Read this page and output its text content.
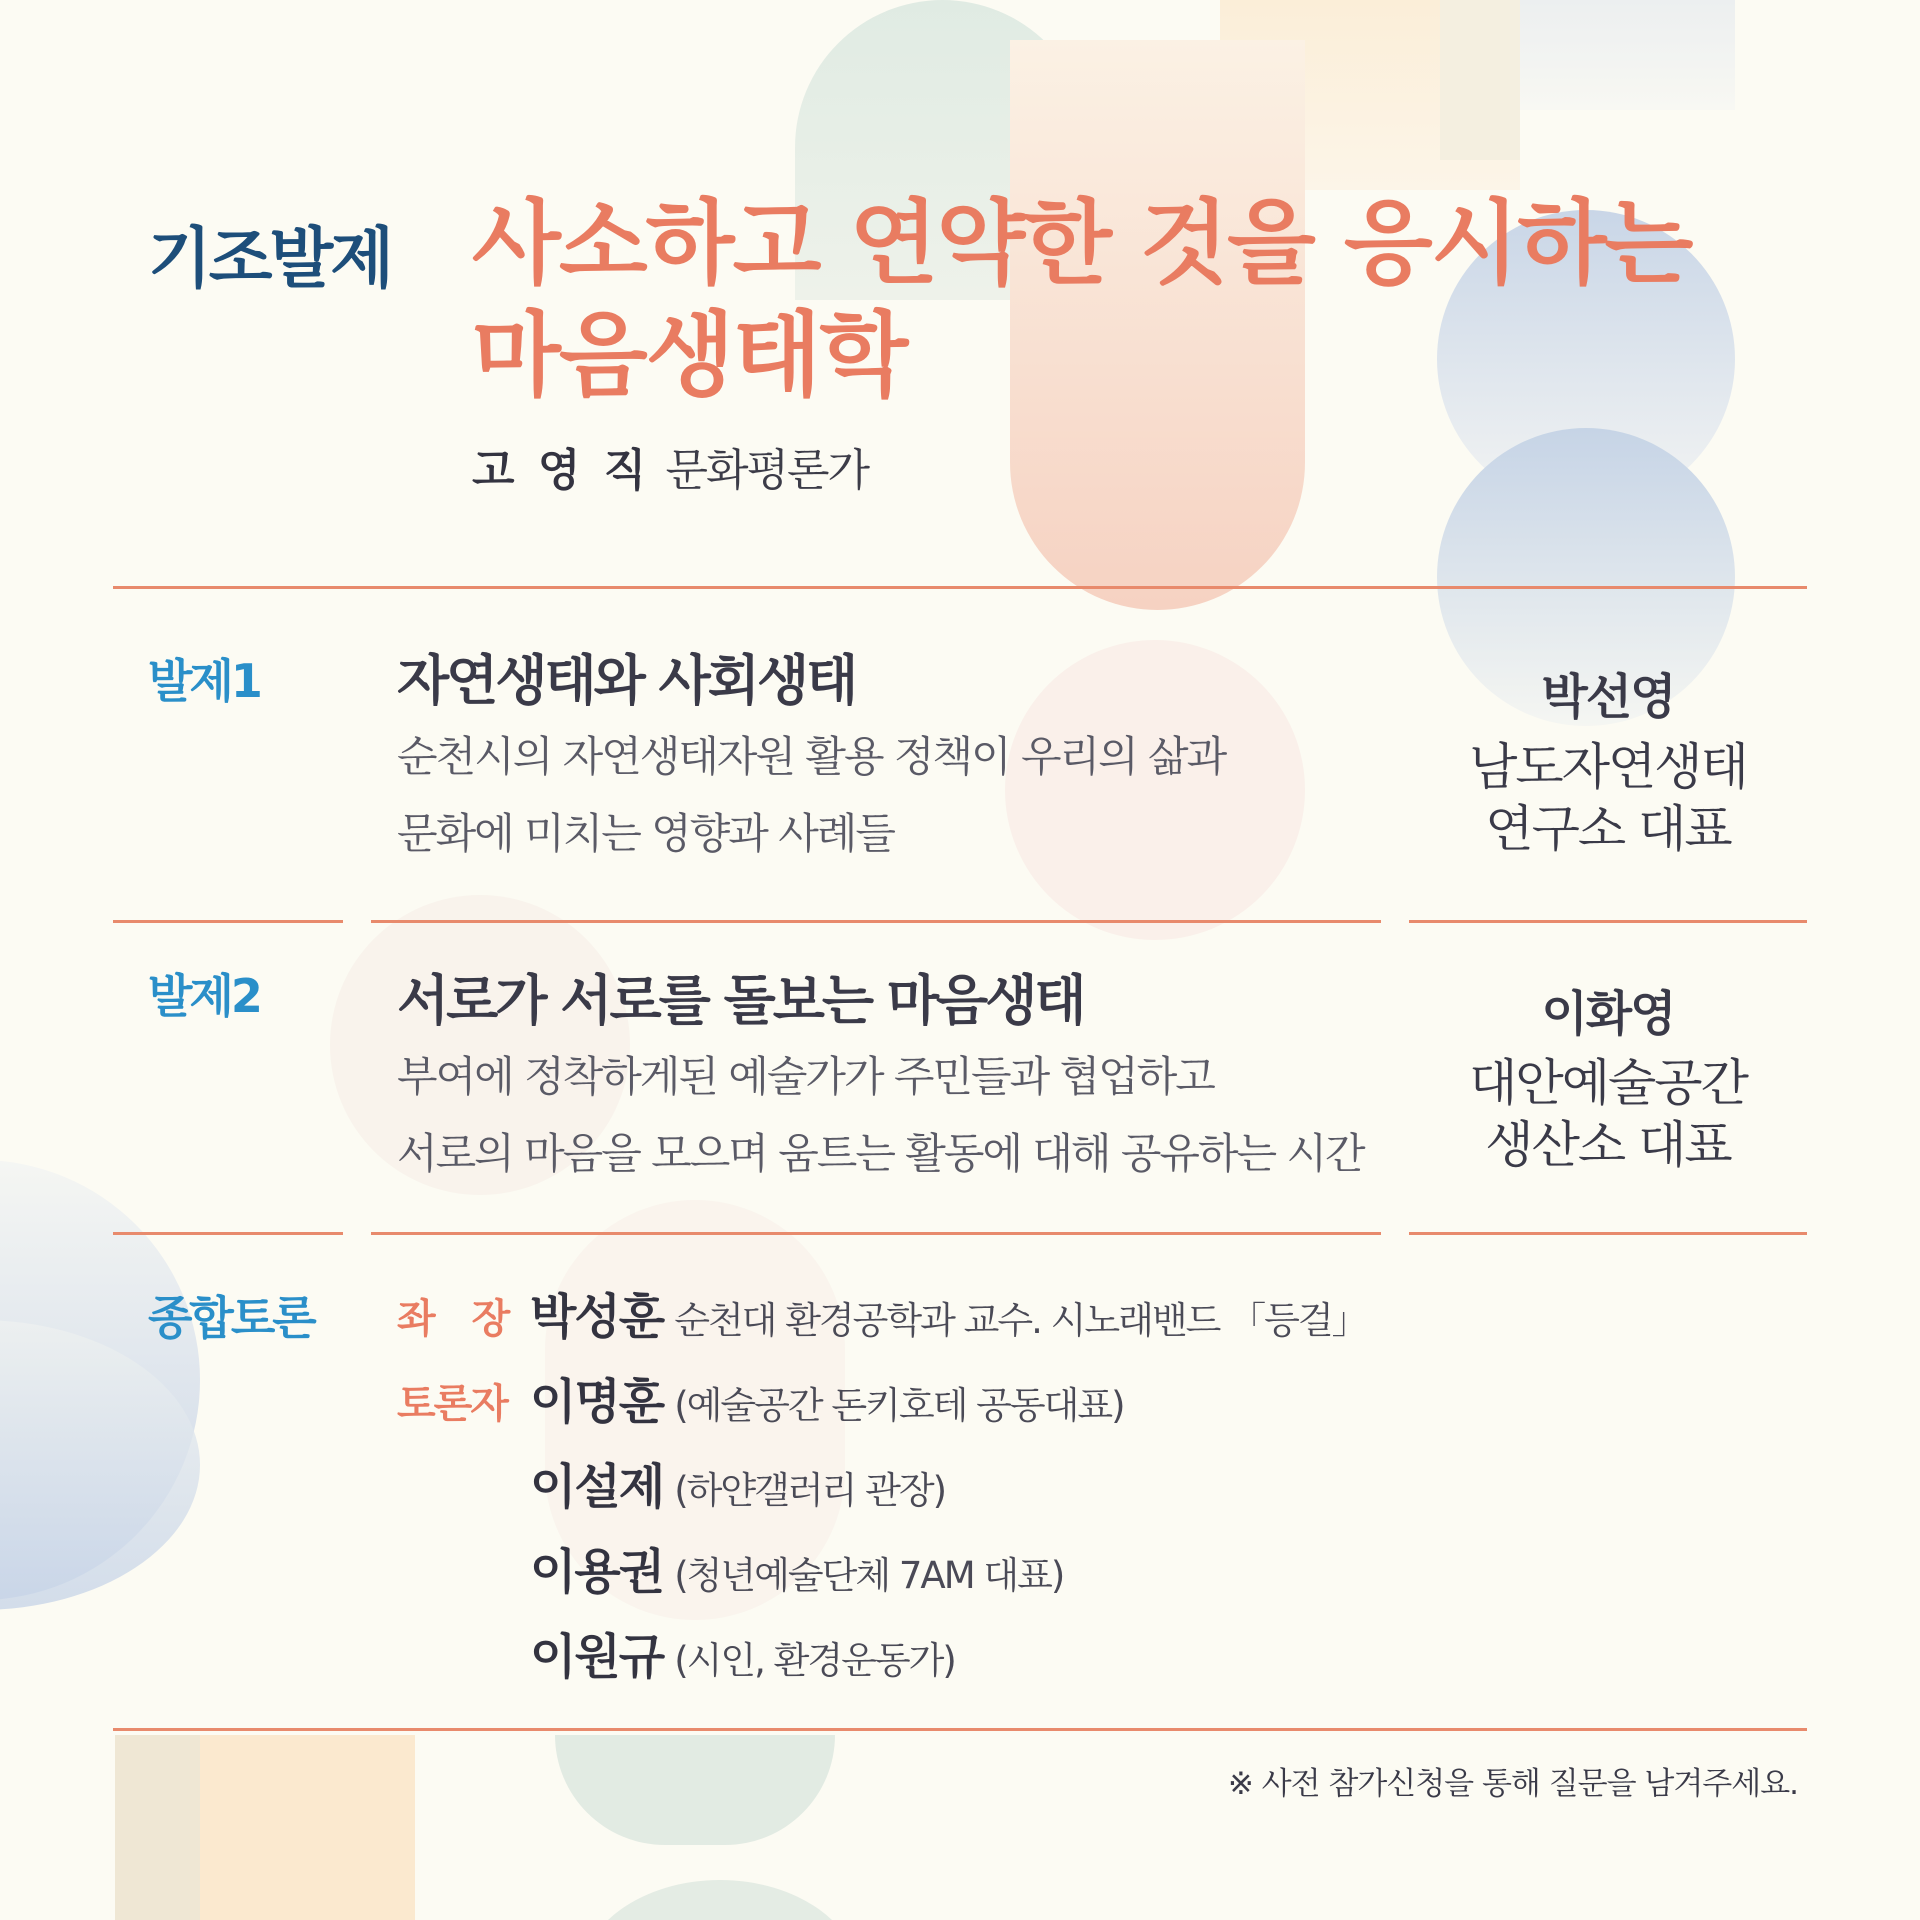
기조발제 사소하고 연약한 것을 응시하는
마음생태학
고 영 직 문화평론가
발제1	자연생태와 사회생태
순천시의 자연생태자원 활용 정책이 우리의 삶과
문화에 미치는 영향과 사례들
박선영
남도자연생태
연구소 대표
발제2	서로가 서로를 돌보는 마음생태
부여에 정착하게된 예술가가 주민들과 협업하고
서로의 마음을 모으며 움트는 활동에 대해 공유하는 시간
이화영
대안예술공간
생산소 대표
종합토론 좌　장 박성훈 순천대 환경공학과 교수. 시노래밴드 「등걸」
토론자 이명훈 (예술공간 돈키호테 공동대표)
이설제 (하얀갤러리 관장)
이용권 (청년예술단체 7AM 대표)
이원규 (시인, 환경운동가)
※ 사전 참가신청을 통해 질문을 남겨주세요.
